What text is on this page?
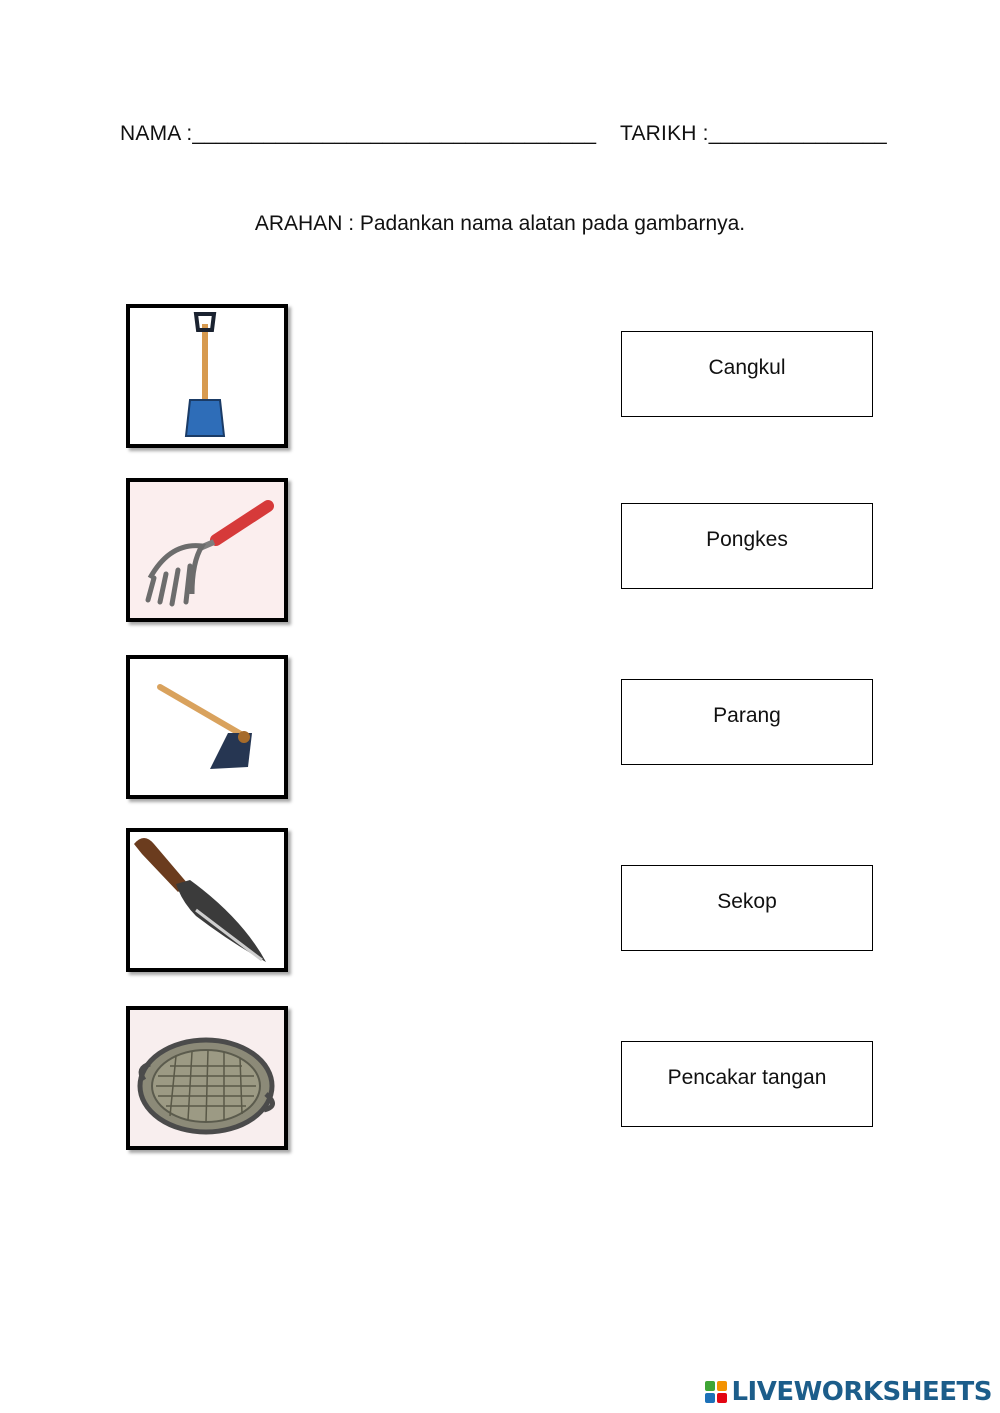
NAMA :__________________________________ TARIKH :_______________
ARAHAN : Padankan nama alatan pada gambarnya.
Cangkul
Pongkes
Parang
Sekop
Pencakar tangan
LIVEWORKSHEETS
